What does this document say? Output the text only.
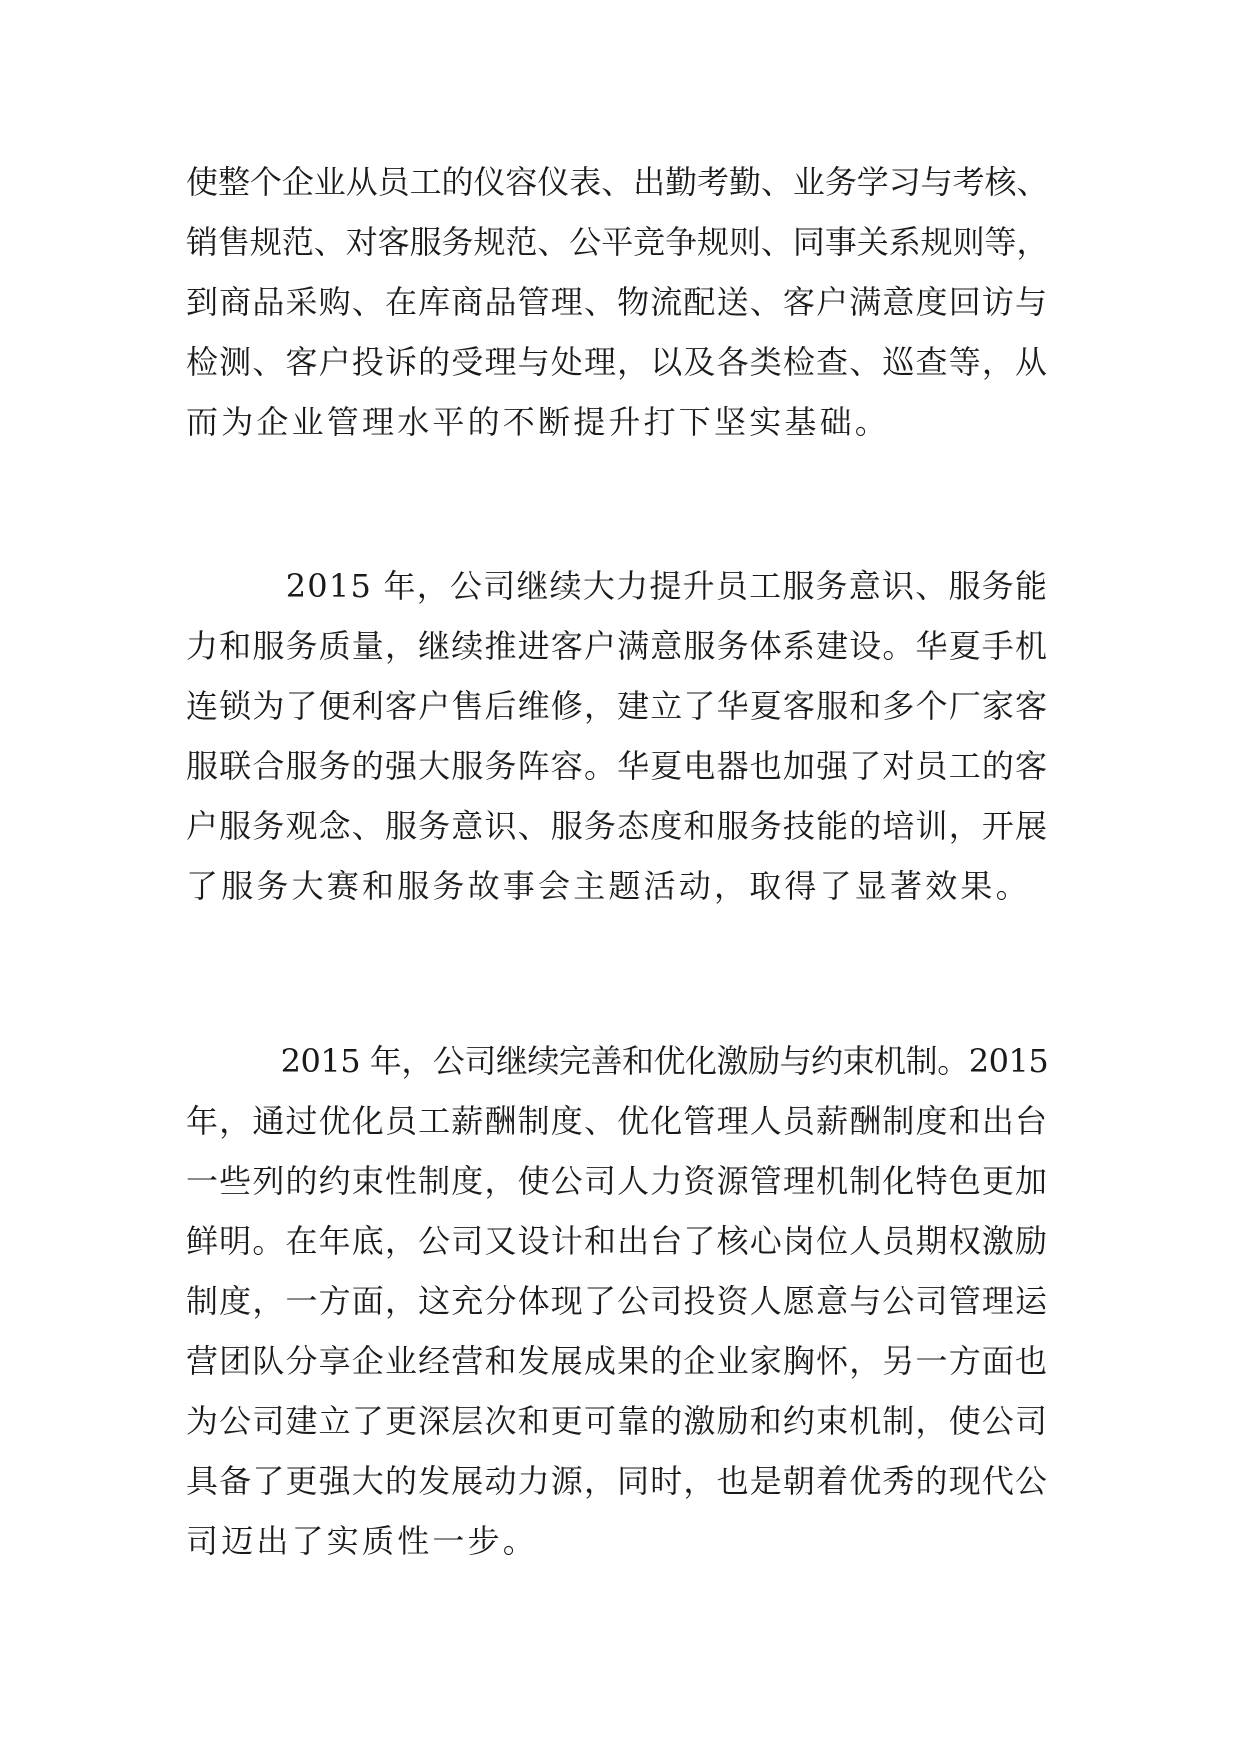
使整个企业从员工的仪容仪表、出勤考勤、业务学习与考核、
销售规范、对客服务规范、公平竞争规则、同事关系规则等，
到商品采购、在库商品管理、物流配送、客户满意度回访与
检测、客户投诉的受理与处理，以及各类检查、巡查等，从
而为企业管理水平的不断提升打下坚实基础。
　　　2015 年，公司继续大力提升员工服务意识、服务能
力和服务质量，继续推进客户满意服务体系建设。华夏手机
连锁为了便利客户售后维修，建立了华夏客服和多个厂家客
服联合服务的强大服务阵容。华夏电器也加强了对员工的客
户服务观念、服务意识、服务态度和服务技能的培训，开展
了服务大赛和服务故事会主题活动，取得了显著效果。
　　　2015 年，公司继续完善和优化激励与约束机制。2015
年，通过优化员工薪酬制度、优化管理人员薪酬制度和出台
一些列的约束性制度，使公司人力资源管理机制化特色更加
鲜明。在年底，公司又设计和出台了核心岗位人员期权激励
制度，一方面，这充分体现了公司投资人愿意与公司管理运
营团队分享企业经营和发展成果的企业家胸怀，另一方面也
为公司建立了更深层次和更可靠的激励和约束机制，使公司
具备了更强大的发展动力源，同时，也是朝着优秀的现代公
司迈出了实质性一步。
